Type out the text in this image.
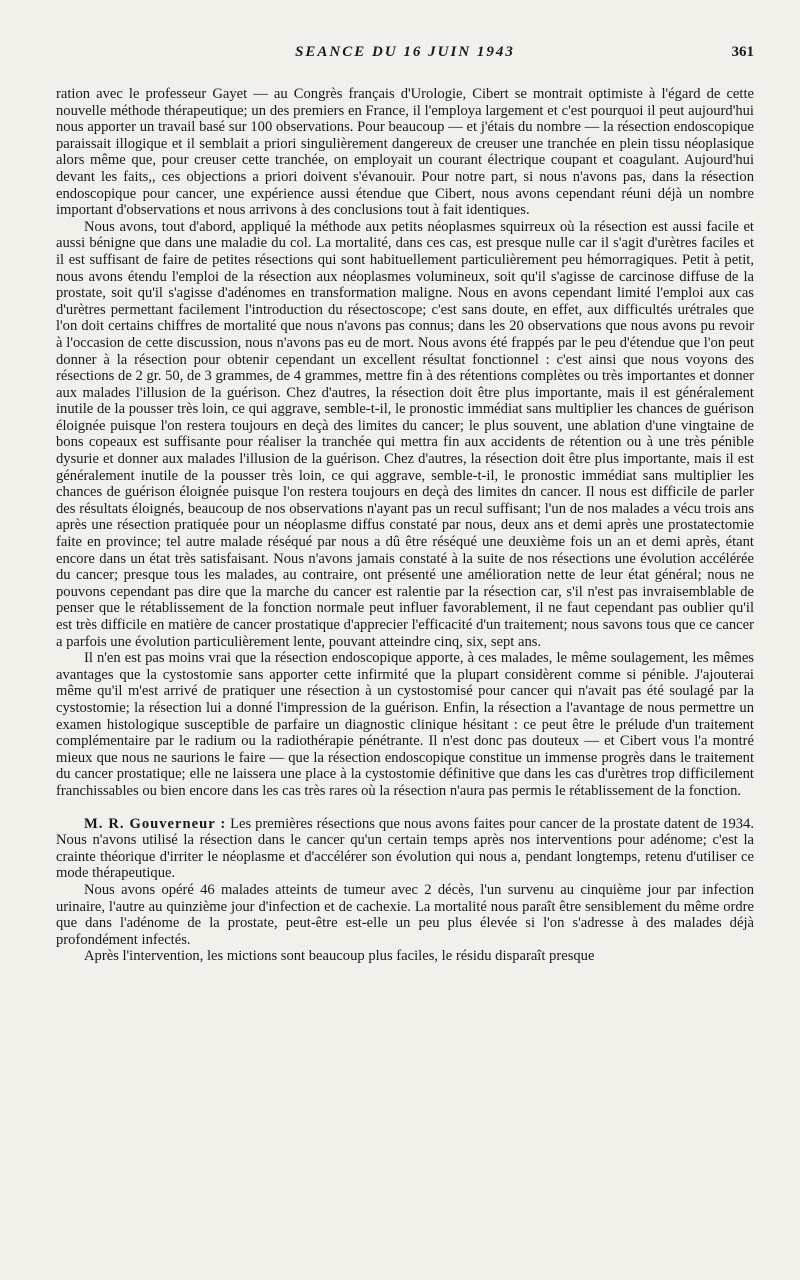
SEANCE DU 16 JUIN 1943	361

ration avec le professeur Gayet — au Congrès français d'Urologie, Cibert se montrait optimiste à l'égard de cette nouvelle méthode thérapeutique; un des premiers en France, il l'employa largement et c'est pourquoi il peut aujourd'hui nous apporter un travail basé sur 100 observations. Pour beaucoup — et j'étais du nombre — la résection endoscopique paraissait illogique et il semblait a priori singulièrement dangereux de creuser une tranchée en plein tissu néoplasique alors même que, pour creuser cette tranchée, on employait un courant électrique coupant et coagulant. Aujourd'hui devant les faits,, ces objections a priori doivent s'évanouir. Pour notre part, si nous n'avons pas, dans la résection endoscopique pour cancer, une expérience aussi étendue que Cibert, nous avons cependant réuni déjà un nombre important d'observations et nous arrivons à des conclusions tout à fait identiques.

Nous avons, tout d'abord, appliqué la méthode aux petits néoplasmes squirreux où la résection est aussi facile et aussi bénigne que dans une maladie du col. La mortalité, dans ces cas, est presque nulle car il s'agit d'urètres faciles et il est suffisant de faire de petites résections qui sont habituellement particulièrement peu hémorragiques. Petit à petit, nous avons étendu l'emploi de la résection aux néoplasmes volumineux, soit qu'il s'agisse de carcinose diffuse de la prostate, soit qu'il s'agisse d'adénomes en transformation maligne. Nous en avons cependant limité l'emploi aux cas d'urètres permettant facilement l'introduction du résectoscope; c'est sans doute, en effet, aux difficultés urétrales que l'on doit certains chiffres de mortalité que nous n'avons pas connus; dans les 20 observations que nous avons pu revoir à l'occasion de cette discussion, nous n'avons pas eu de mort. Nous avons été frappés par le peu d'étendue que l'on peut donner à la résection pour obtenir cependant un excellent résultat fonctionnel : c'est ainsi que nous voyons des résections de 2 gr. 50, de 3 grammes, de 4 grammes, mettre fin à des rétentions complètes ou très importantes et donner aux malades l'illusion de la guérison. Chez d'autres, la résection doit être plus importante, mais il est généralement inutile de la pousser très loin, ce qui aggrave, semble-t-il, le pronostic immédiat sans multiplier les chances de guérison éloignée puisque l'on restera toujours en deçà des limites du cancer; le plus souvent, une ablation d'une vingtaine de bons copeaux est suffisante pour réaliser la tranchée qui mettra fin aux accidents de rétention ou à une très pénible dysurie et donner aux malades l'illusion de la guérison. Chez d'autres, la résection doit être plus importante, mais il est généralement inutile de la pousser très loin, ce qui aggrave, semble-t-il, le pronostic immédiat sans multiplier les chances de guérison éloignée puisque l'on restera toujours en deçà des limites dn cancer. Il nous est difficile de parler des résultats éloignés, beaucoup de nos observations n'ayant pas un recul suffisant; l'un de nos malades a vécu trois ans après une résection pratiquée pour un néoplasme diffus constaté par nous, deux ans et demi après une prostatectomie faite en province; tel autre malade réséqué par nous a dû être réséqué une deuxième fois un an et demi après, étant encore dans un état très satisfaisant. Nous n'avons jamais constaté à la suite de nos résections une évolution accélérée du cancer; presque tous les malades, au contraire, ont présenté une amélioration nette de leur état général; nous ne pouvons cependant pas dire que la marche du cancer est ralentie par la résection car, s'il n'est pas invraisemblable de penser que le rétablissement de la fonction normale peut influer favorablement, il ne faut cependant pas oublier qu'il est très difficile en matière de cancer prostatique d'apprecier l'efficacité d'un traitement; nous savons tous que ce cancer a parfois une évolution particulièrement lente, pouvant atteindre cinq, six, sept ans.

Il n'en est pas moins vrai que la résection endoscopique apporte, à ces malades, le même soulagement, les mêmes avantages que la cystostomie sans apporter cette infirmité que la plupart considèrent comme si pénible. J'ajouterai même qu'il m'est arrivé de pratiquer une résection à un cystostomisé pour cancer qui n'avait pas été soulagé par la cystostomie; la résection lui a donné l'impression de la guérison. Enfin, la résection a l'avantage de nous permettre un examen histologique susceptible de parfaire un diagnostic clinique hésitant : ce peut être le prélude d'un traitement complémentaire par le radium ou la radiothérapie pénétrante. Il n'est donc pas douteux — et Cibert vous l'a montré mieux que nous ne saurions le faire — que la résection endoscopique constitue un immense progrès dans le traitement du cancer prostatique; elle ne laissera une place à la cystostomie définitive que dans les cas d'urètres trop difficilement franchissables ou bien encore dans les cas très rares où la résection n'aura pas permis le rétablissement de la fonction.

M. R. Gouverneur : Les premières résections que nous avons faites pour cancer de la prostate datent de 1934. Nous n'avons utilisé la résection dans le cancer qu'un certain temps après nos interventions pour adénome; c'est la crainte théorique d'irriter le néoplasme et d'accélérer son évolution qui nous a, pendant longtemps, retenu d'utiliser ce mode thérapeutique.

Nous avons opéré 46 malades atteints de tumeur avec 2 décès, l'un survenu au cinquième jour par infection urinaire, l'autre au quinzième jour d'infection et de cachexie. La mortalité nous paraît être sensiblement du même ordre que dans l'adénome de la prostate, peut-être est-elle un peu plus élevée si l'on s'adresse à des malades déjà profondément infectés.

Après l'intervention, les mictions sont beaucoup plus faciles, le résidu disparaît presque
